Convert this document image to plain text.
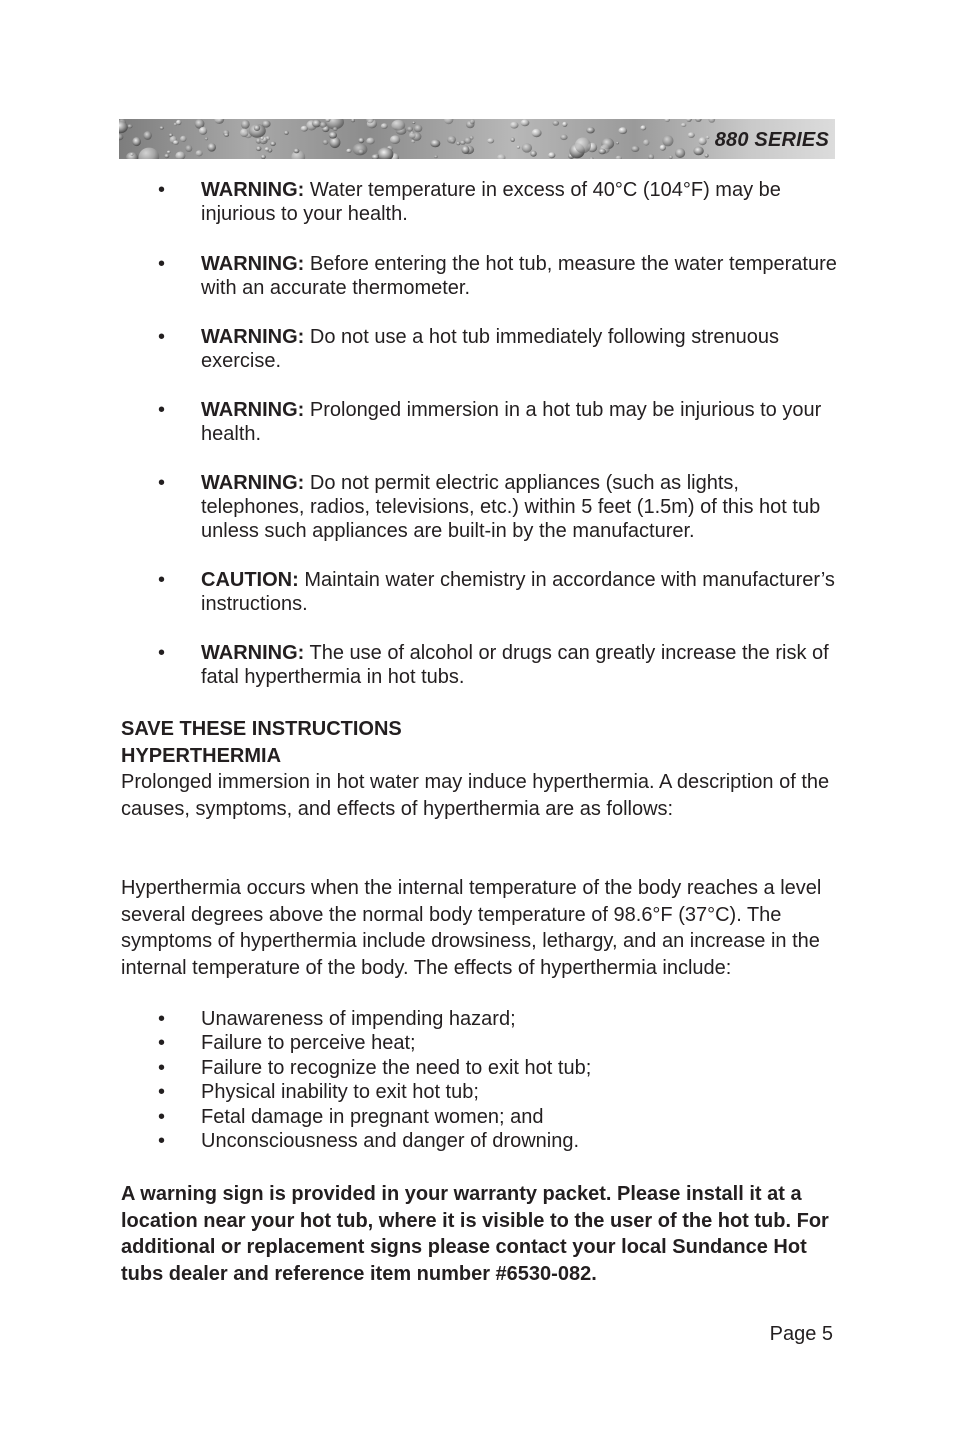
880 SERIES
• WARNING: Water temperature in excess of 40°C (104°F) may be injurious to your health.
• WARNING: Before entering the hot tub, measure the water temperature with an accurate thermometer.
• WARNING: Do not use a hot tub immediately following strenuous exercise.
• WARNING: Prolonged immersion in a hot tub may be injurious to your health.
• WARNING: Do not permit electric appliances (such as lights, telephones, radios, televisions, etc.) within 5 feet (1.5m) of this hot tub unless such appliances are built-in by the manufacturer.
• CAUTION: Maintain water chemistry in accordance with manufacturer’s instructions.
• WARNING: The use of alcohol or drugs can greatly increase the risk of fatal hyperthermia in hot tubs.
SAVE THESE INSTRUCTIONS
HYPERTHERMIA
Prolonged immersion in hot water may induce hyperthermia. A description of the causes, symptoms, and effects of hyperthermia are as follows:
Hyperthermia occurs when the internal temperature of the body reaches a level several degrees above the normal body temperature of 98.6°F (37°C). The symptoms of hyperthermia include drowsiness, lethargy, and an increase in the internal temperature of the body. The effects of hyperthermia include:
• Unawareness of impending hazard;
• Failure to perceive heat;
• Failure to recognize the need to exit hot tub;
• Physical inability to exit hot tub;
• Fetal damage in pregnant women; and
• Unconsciousness and danger of drowning.
A warning sign is provided in your warranty packet. Please install it at a location near your hot tub, where it is visible to the user of the hot tub. For additional or replacement signs please contact your local Sundance Hot tubs dealer and reference item number #6530-082.
Page 5
